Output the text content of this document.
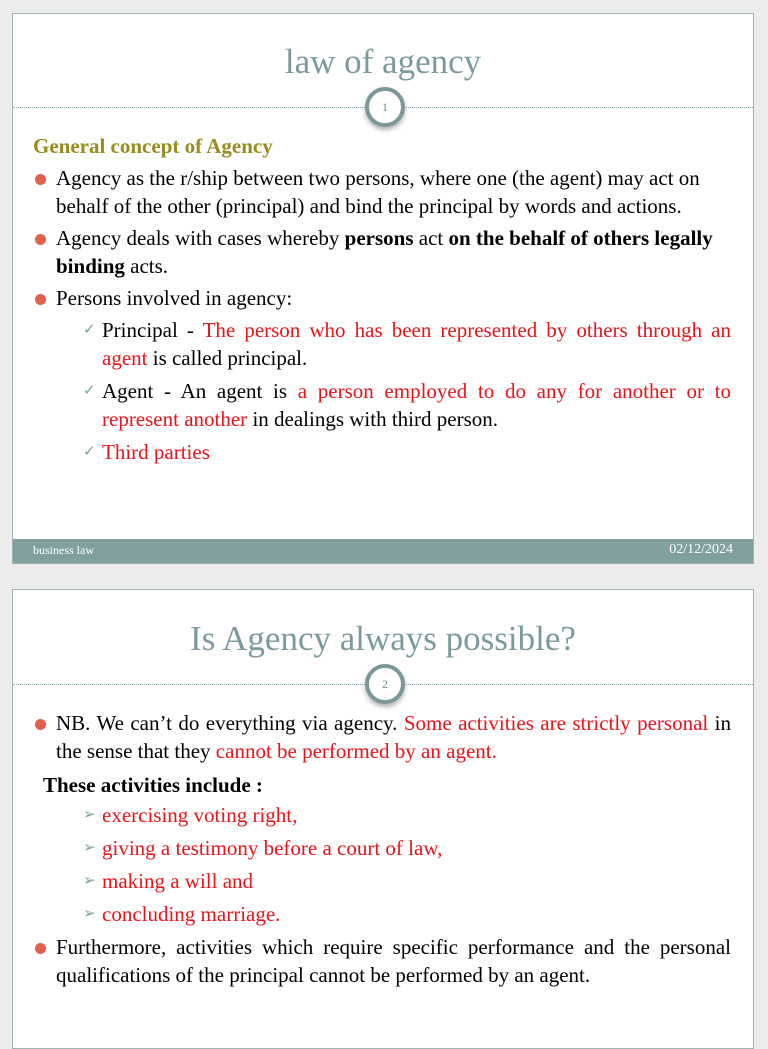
law of agency
1
General concept of Agency
Agency as the r/ship between two persons, where one (the agent) may act on behalf of the other (principal) and bind the principal by words and actions.
Agency deals with cases whereby persons act on the behalf of others legally binding acts.
Persons involved in agency:
✓ Principal - The person who has been represented by others through an agent is called principal.
✓ Agent - An agent is a person employed to do any for another or to represent another in dealings with third person.
✓ Third parties
business law	02/12/2024
Is Agency always possible?
2
NB. We can’t do everything via agency. Some activities are strictly personal in the sense that they cannot be performed by an agent.
These activities include :
➢ exercising voting right,
➢ giving a testimony before a court of law,
➢ making a will and
➢ concluding marriage.
Furthermore, activities which require specific performance and the personal qualifications of the principal cannot be performed by an agent.
